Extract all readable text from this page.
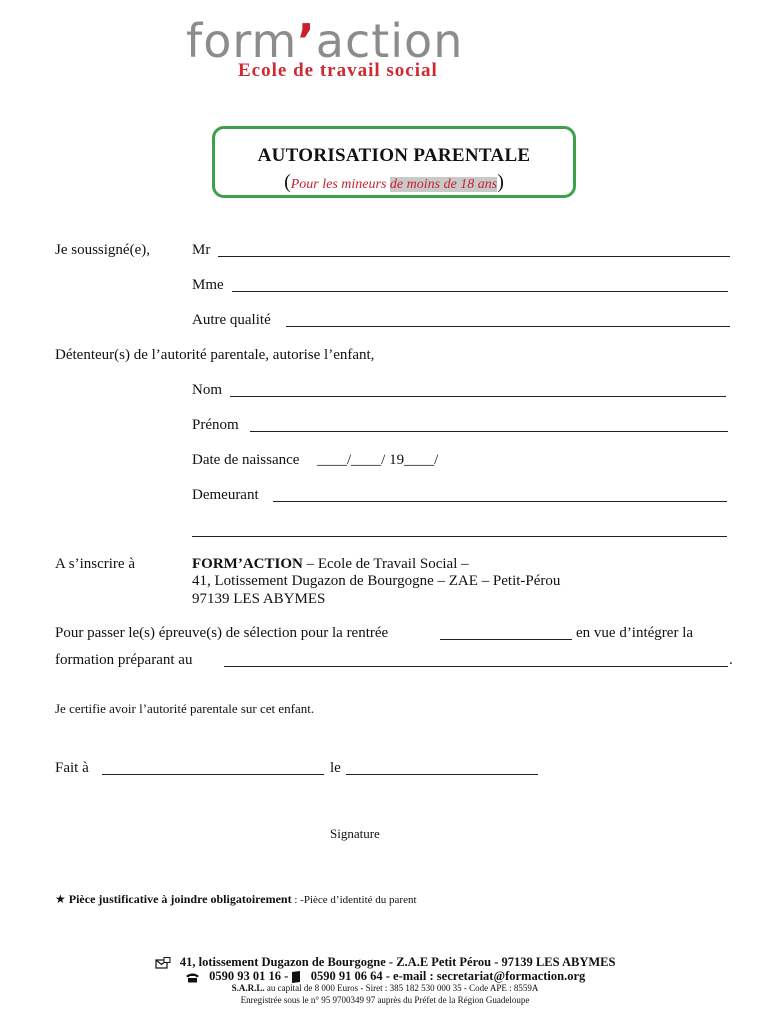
form’action
Ecole de travail social
AUTORISATION PARENTALE
(Pour les mineurs de moins de 18 ans)
Je soussigné(e),	Mr
Mme
Autre qualité
Détenteur(s) de l’autorité parentale, autorise l’enfant,
Nom
Prénom
Date de naissance ____/____/ 19____/
Demeurant
A s’inscrire à	FORM’ACTION – Ecole de Travail Social –
41, Lotissement Dugazon de Bourgogne – ZAE – Petit-Pérou
97139 LES ABYMES
Pour passer le(s) épreuve(s) de sélection pour la rentrée	en vue d’intégrer la
formation préparant au	.
Je certifie avoir l’autorité parentale sur cet enfant.
Fait à	le
Signature
★ Pièce justificative à joindre obligatoirement : -Pièce d’identité du parent
41, lotissement Dugazon de Bourgogne - Z.A.E Petit Pérou - 97139 LES ABYMES
0590 93 01 16 -    0590 91 06 64 - e-mail : secretariat@formaction.org
S.A.R.L. au capital de 8 000 Euros - Siret : 385 182 530 000 35 - Code APE : 8559A
Enregistrée sous le n° 95 9700349 97 auprès du Préfet de la Région Guadeloupe
